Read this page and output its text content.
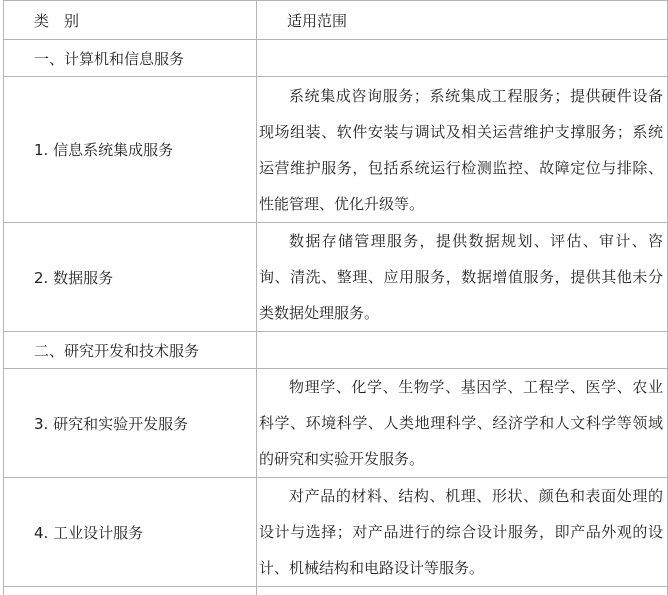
类　别	适用范围
一、计算机和信息服务	
1. 信息系统集成服务	系统集成咨询服务；系统集成工程服务；提供硬件设备现场组装、软件安装与调试及相关运营维护支撑服务；系统运营维护服务，包括系统运行检测监控、故障定位与排除、性能管理、优化升级等。
2. 数据服务	数据存储管理服务，提供数据规划、评估、审计、咨询、清洗、整理、应用服务，数据增值服务，提供其他未分类数据处理服务。
二、研究开发和技术服务	
3. 研究和实验开发服务	物理学、化学、生物学、基因学、工程学、医学、农业科学、环境科学、人类地理科学、经济学和人文科学等领域的研究和实验开发服务。
4. 工业设计服务	对产品的材料、结构、机理、形状、颜色和表面处理的设计与选择；对产品进行的综合设计服务，即产品外观的设计、机械结构和电路设计等服务。
